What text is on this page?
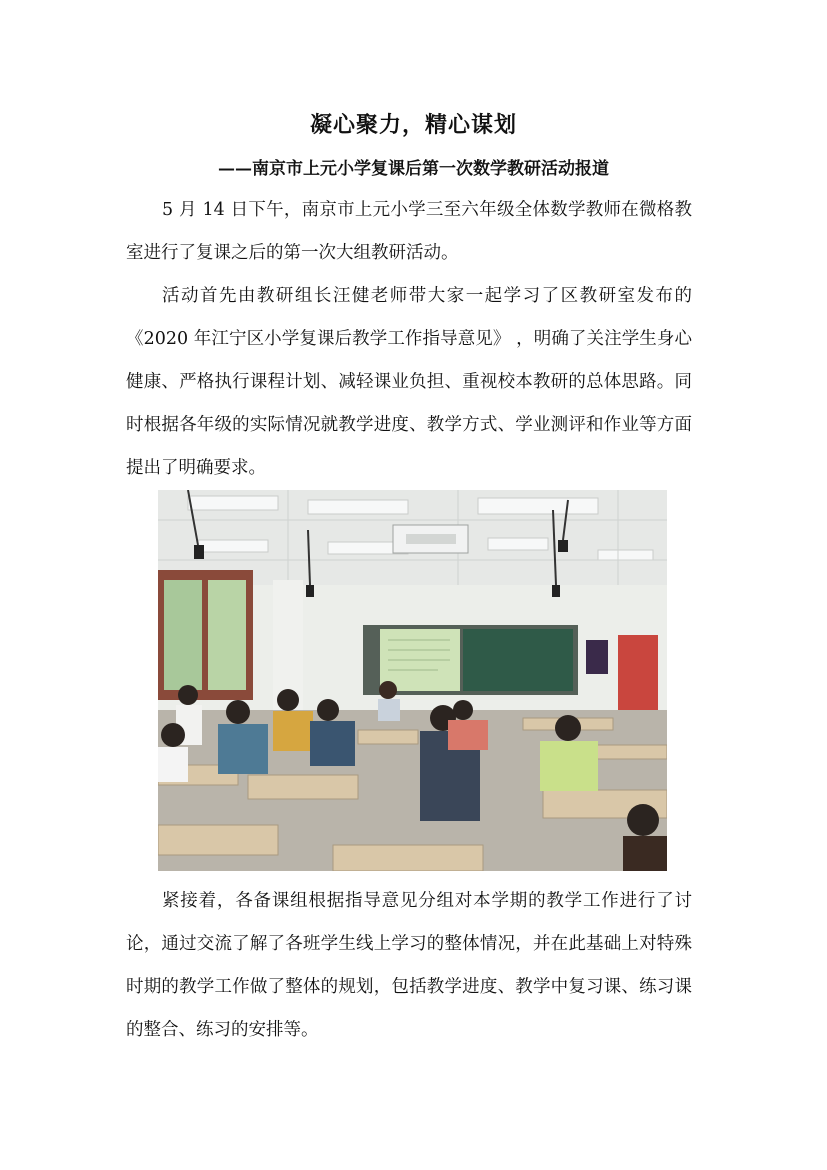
凝心聚力，精心谋划
——南京市上元小学复课后第一次数学教研活动报道

5 月 14 日下午，南京市上元小学三至六年级全体数学教师在微格教室进行了复课之后的第一次大组教研活动。

活动首先由教研组长汪健老师带大家一起学习了区教研室发布的《2020 年江宁区小学复课后教学工作指导意见》 ，明确了关注学生身心健康、严格执行课程计划、减轻课业负担、重视校本教研的总体思路。同时根据各年级的实际情况就教学进度、教学方式、学业测评和作业等方面提出了明确要求。

紧接着，各备课组根据指导意见分组对本学期的教学工作进行了讨论，通过交流了解了各班学生线上学习的整体情况，并在此基础上对特殊时期的教学工作做了整体的规划，包括教学进度、教学中复习课、练习课的整合、练习的安排等。
